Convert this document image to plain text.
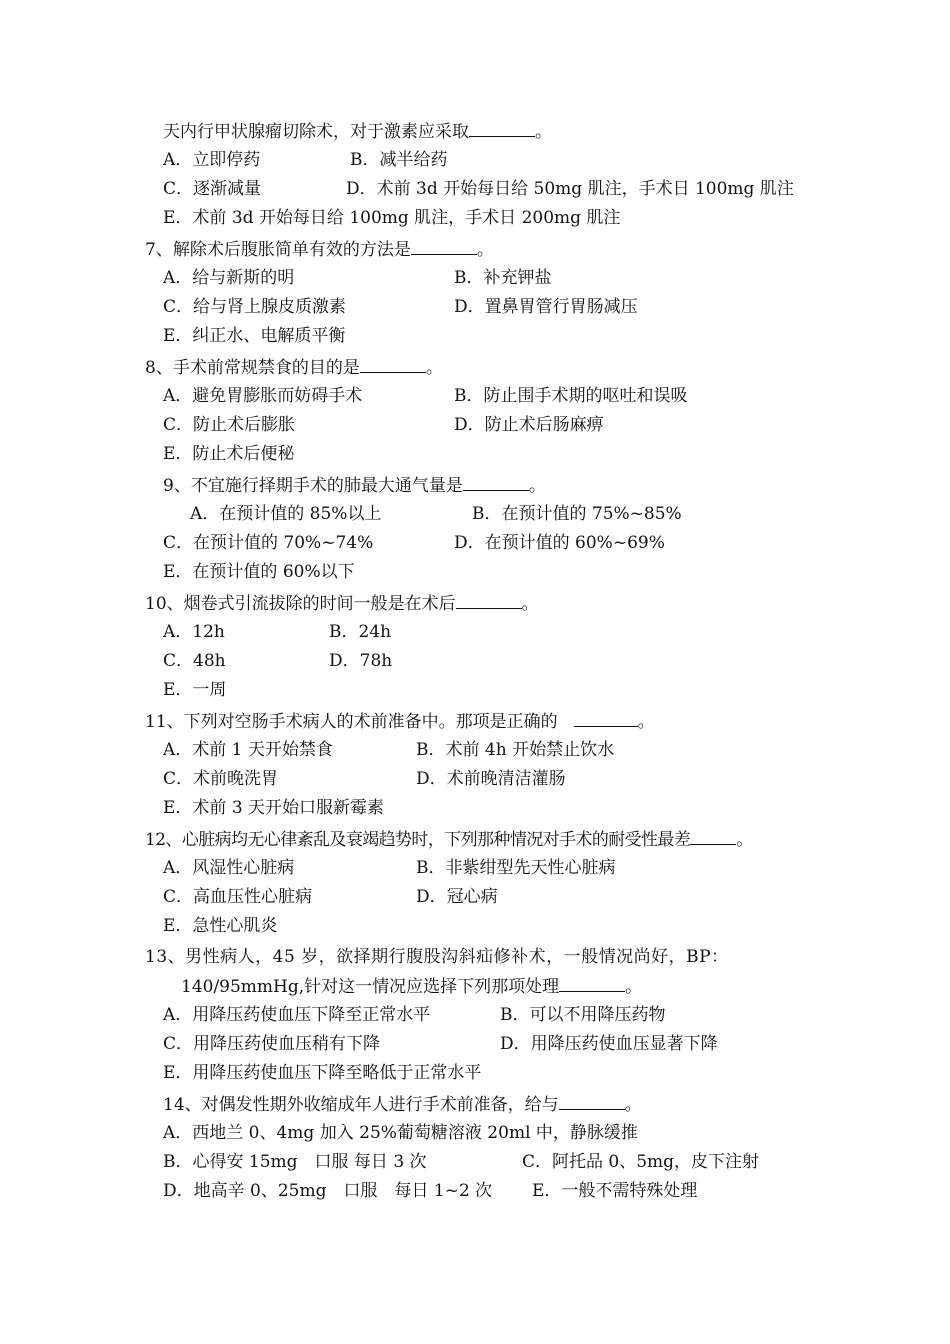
天内行甲状腺瘤切除术，对于激素应采取	。
A．立即停药	B．减半给药
C．逐渐减量	D．术前 3d 开始每日给 50mg 肌注，手术日 100mg 肌注
E．术前 3d 开始每日给 100mg 肌注，手术日 200mg 肌注
7、解除术后腹胀简单有效的方法是	。
A．给与新斯的明	B．补充钾盐
C．给与肾上腺皮质激素	D．置鼻胃管行胃肠减压
E．纠正水、电解质平衡
8、手术前常规禁食的目的是	。
A．避免胃膨胀而妨碍手术	B．防止围手术期的呕吐和误吸
C．防止术后膨胀	D．防止术后肠麻痹
E．防止术后便秘
9、不宜施行择期手术的肺最大通气量是	。
A．在预计值的 85%以上	B．在预计值的 75%~85%
C．在预计值的 70%~74%	D．在预计值的 60%~69%
E．在预计值的 60%以下
10、烟卷式引流拔除的时间一般是在术后	。
A．12h	B．24h
C．48h	D．78h
E．一周
11、下列对空肠手术病人的术前准备中。那项是正确的	。
A．术前 1 天开始禁食	B．术前 4h 开始禁止饮水
C．术前晚洗胃	D．术前晚清洁灌肠
E．术前 3 天开始口服新霉素
12、心脏病均无心律紊乱及衰竭趋势时，下列那种情况对手术的耐受性最差	。
A．风湿性心脏病	B．非紫绀型先天性心脏病
C．高血压性心脏病	D．冠心病
E．急性心肌炎
13、男性病人，45 岁，欲择期行腹股沟斜疝修补术，一般情况尚好，BP：
140/95mmHg,针对这一情况应选择下列那项处理	。
A．用降压药使血压下降至正常水平	B．可以不用降压药物
C．用降压药使血压稍有下降	D．用降压药使血压显著下降
E．用降压药使血压下降至略低于正常水平
14、对偶发性期外收缩成年人进行手术前准备，给与	。
A．西地兰 0、4mg 加入 25%葡萄糖溶液 20ml 中，静脉缓推
B．心得安 15mg　口服 每日 3 次	C．阿托品 0、5mg，皮下注射
D．地高辛 0、25mg　口服　每日 1~2 次 E．一般不需特殊处理
